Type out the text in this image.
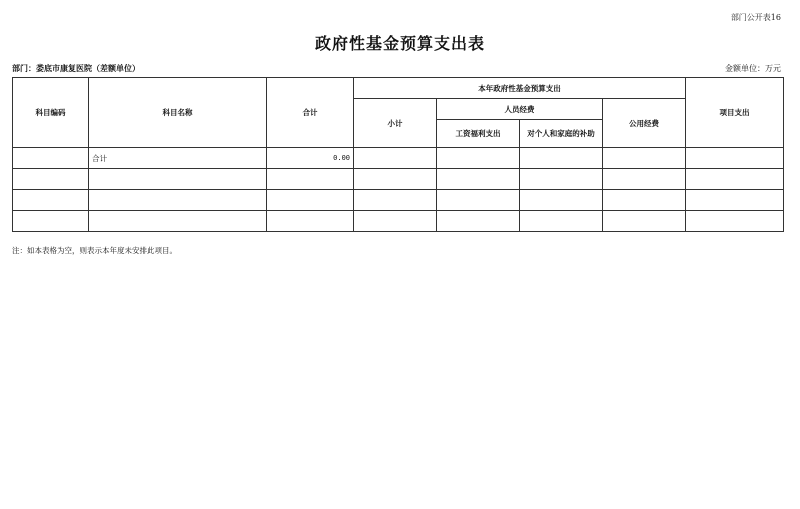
部门公开表16
政府性基金预算支出表
部门：娄底市康复医院（差额单位）	金额单位：万元
科目编码	科目名称	合计	本年政府性基金预算支出				项目支出
			小计	人员经费		公用经费	
				工资福利支出	对个人和家庭的补助		
	合计	0.00					

注：如本表格为空，则表示本年度未安排此项目。
